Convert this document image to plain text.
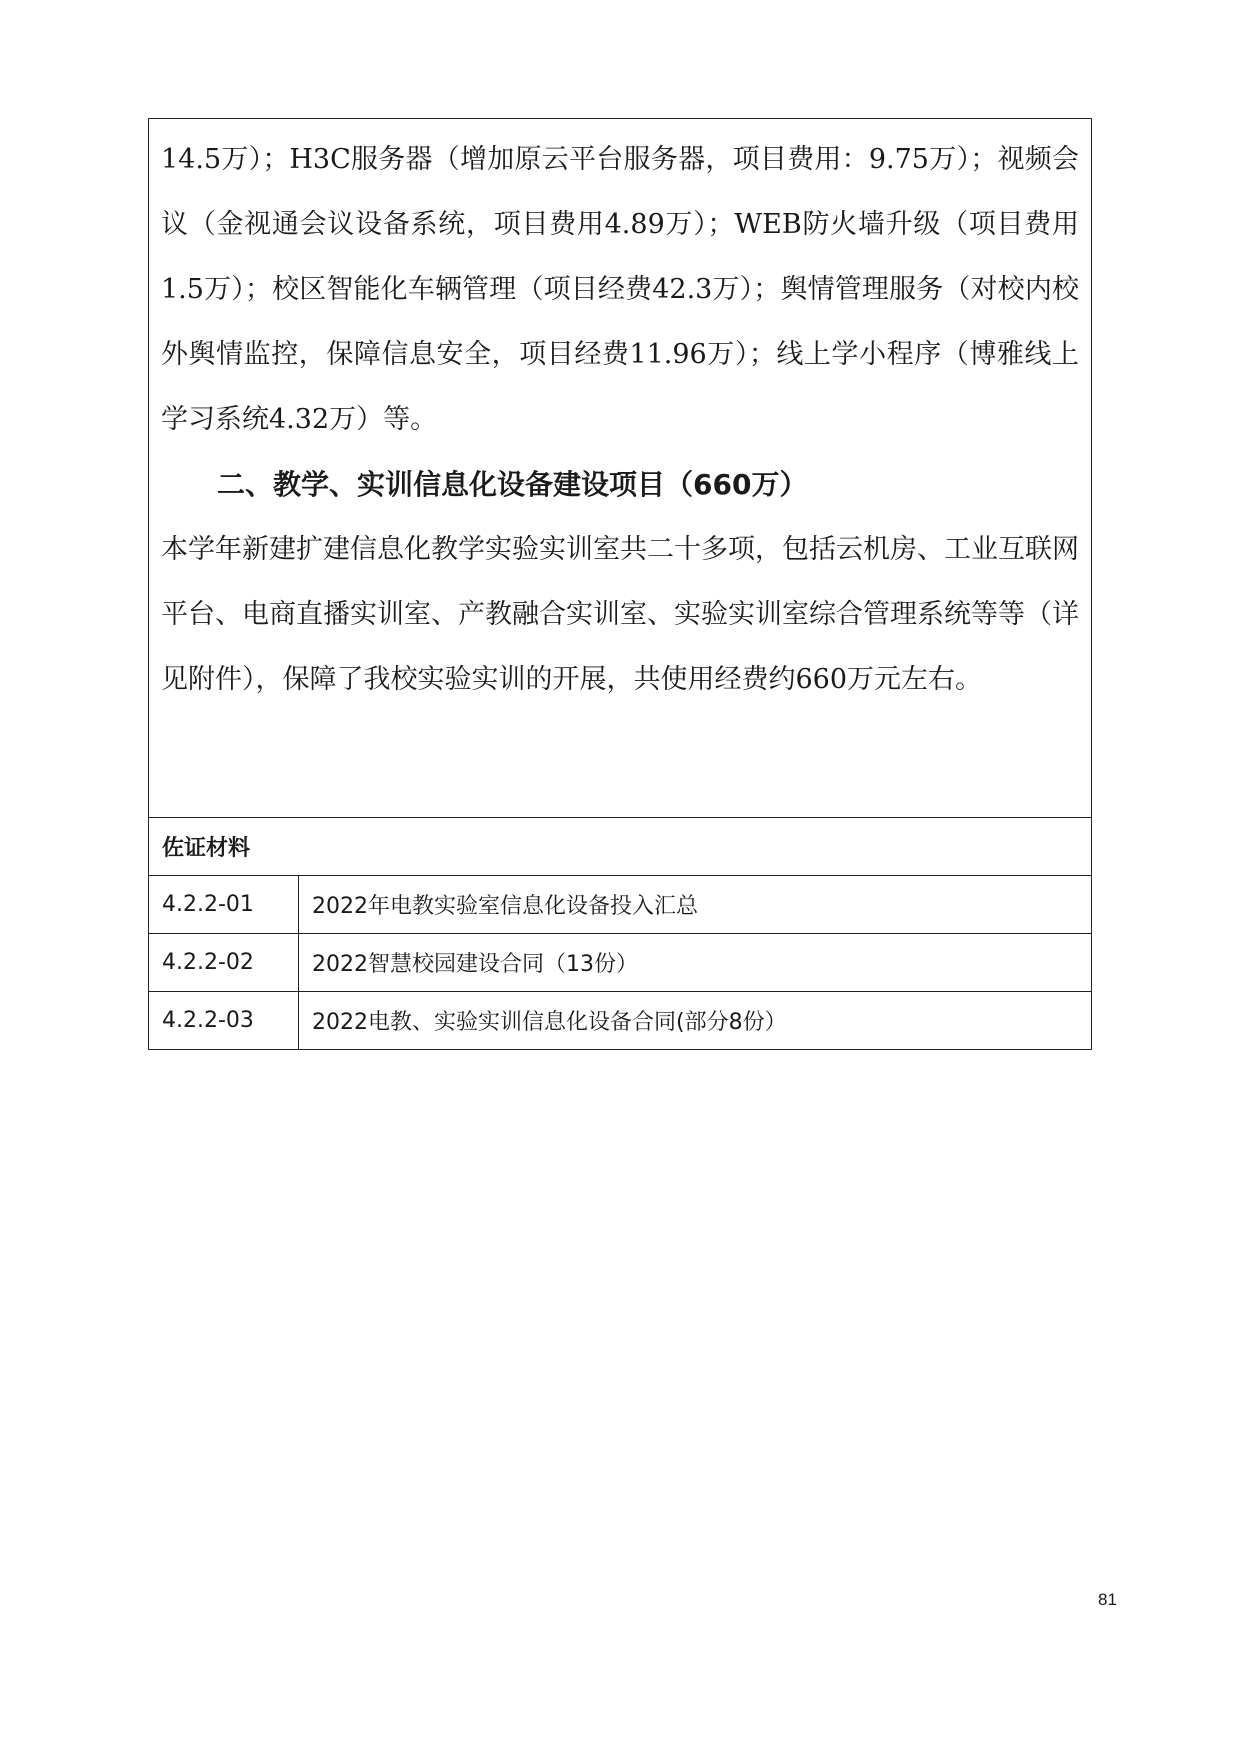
14.5万）；H3C服务器（增加原云平台服务器，项目费用：9.75万）；视频会议（金视通会议设备系统，项目费用4.89万）；WEB防火墙升级（项目费用1.5万）；校区智能化车辆管理（项目经费42.3万）；舆情管理服务（对校内校外舆情监控，保障信息安全，项目经费11.96万）；线上学小程序（博雅线上学习系统4.32万）等。

二、教学、实训信息化设备建设项目（660万）

本学年新建扩建信息化教学实验实训室共二十多项，包括云机房、工业互联网平台、电商直播实训室、产教融合实训室、实验实训室综合管理系统等等（详见附件），保障了我校实验实训的开展，共使用经费约660万元左右。

佐证材料	
4.2.2-01	2022年电教实验室信息化设备投入汇总
4.2.2-02	2022智慧校园建设合同（13份）
4.2.2-03	2022电教、实验实训信息化设备合同(部分8份）
81
